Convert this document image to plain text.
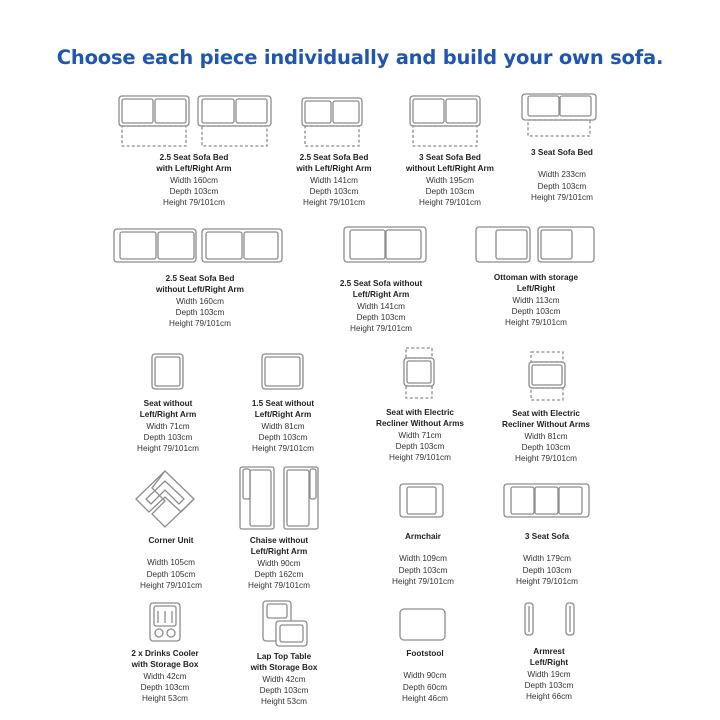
Choose each piece individually and build your own sofa.
2.5 Seat Sofa Bed
with Left/Right Arm
Width 160cm
Depth 103cm
Height 79/101cm
2.5 Seat Sofa Bed
with Left/Right Arm
Width 141cm
Depth 103cm
Height 79/101cm
3 Seat Sofa Bed
without Left/Right Arm
Width 195cm
Depth 103cm
Height 79/101cm
3 Seat Sofa Bed
Width 233cm
Depth 103cm
Height 79/101cm
2.5 Seat Sofa Bed
without Left/Right Arm
Width 160cm
Depth 103cm
Height 79/101cm
2.5 Seat Sofa without
Left/Right Arm
Width 141cm
Depth 103cm
Height 79/101cm
Ottoman with storage
Left/Right
Width 113cm
Depth 103cm
Height 79/101cm
Seat without
Left/Right Arm
Width 71cm
Depth 103cm
Height 79/101cm
1.5 Seat without
Left/Right Arm
Width 81cm
Depth 103cm
Height 79/101cm
Seat with Electric
Recliner Without Arms
Width 71cm
Depth 103cm
Height 79/101cm
Seat with Electric
Recliner Without Arms
Width 81cm
Depth 103cm
Height 79/101cm
Corner Unit
Width 105cm
Depth 105cm
Height 79/101cm
Chaise without
Left/Right Arm
Width 90cm
Depth 162cm
Height 79/101cm
Armchair
Width 109cm
Depth 103cm
Height 79/101cm
3 Seat Sofa
Width 179cm
Depth 103cm
Height 79/101cm
2 x Drinks Cooler
with Storage Box
Width 42cm
Depth 103cm
Height 53cm
Lap Top Table
with Storage Box
Width 42cm
Depth 103cm
Height 53cm
Footstool
Width 90cm
Depth 60cm
Height 46cm
Armrest
Left/Right
Width 19cm
Depth 103cm
Height 66cm
